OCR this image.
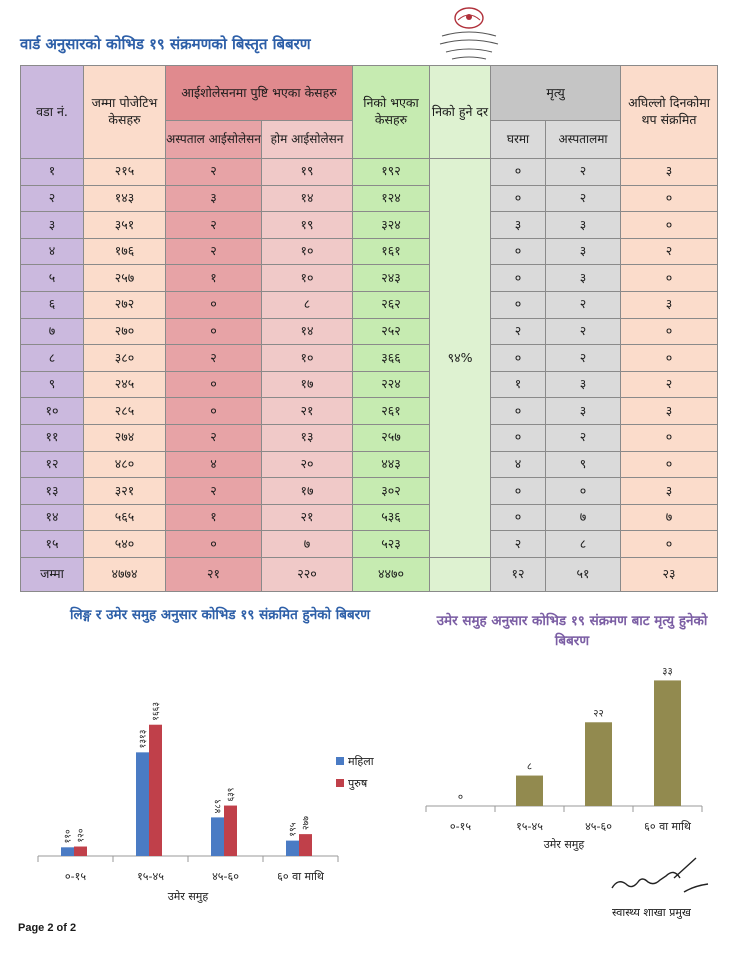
वार्ड अनुसारको कोभिड १९ संक्रमणको बिस्तृत बिबरण
वडा नं.	जम्मा पोजेटिभ केसहरु	आईशोलेसनमा पुष्टि भएका केसहरु		निको भएका केसहरु	निको हुने दर	मृत्यु		अघिल्लो दिनकोमा थप संक्रमित
		अस्पताल आईसोलेसन	होम आईसोलेसन			घरमा	अस्पतालमा	
१	२१५	२	१९	१९२	९४%	०	२	३
२	१४३	३	१४	१२४		०	२	०
३	३५१	२	१९	३२४		३	३	०
४	१७६	२	१०	१६१		०	३	२
५	२५७	१	१०	२४३		०	३	०
६	२७२	०	८	२६२		०	२	३
७	२७०	०	१४	२५२		२	२	०
८	३८०	२	१०	३६६		०	२	०
९	२४५	०	१७	२२४		१	३	२
१०	२८५	०	२१	२६१		०	३	३
११	२७४	२	१३	२५७		०	२	०
१२	४८०	४	२०	४४३		४	९	०
१३	३२१	२	१७	३०२		०	०	३
१४	५६५	१	२१	५३६		०	७	७
१५	५४०	०	७	५२३		२	८	०
जम्मा	४७७४	२१	२२०	४४७०		१२	५१	२३
लिङ्ग र उमेर समुह अनुसार कोभिड १९ संक्रमित हुनेको बिबरण
११० १२०
०-१५
१३१३
१६६३
१५-४५
४८९
६३९
४५-६०
१९५ २७७
६० वा माथि
उमेर समुह
महिला
पुरुष
उमेर समुह अनुसार कोभिड १९ संक्रमण बाट मृत्यु हुनेको बिबरण
०
०-१५
८
१५-४५
२२
४५-६०
३३
६० वा माथि
उमेर समुह
स्वास्थ्य शाखा प्रमुख
Page 2 of 2
